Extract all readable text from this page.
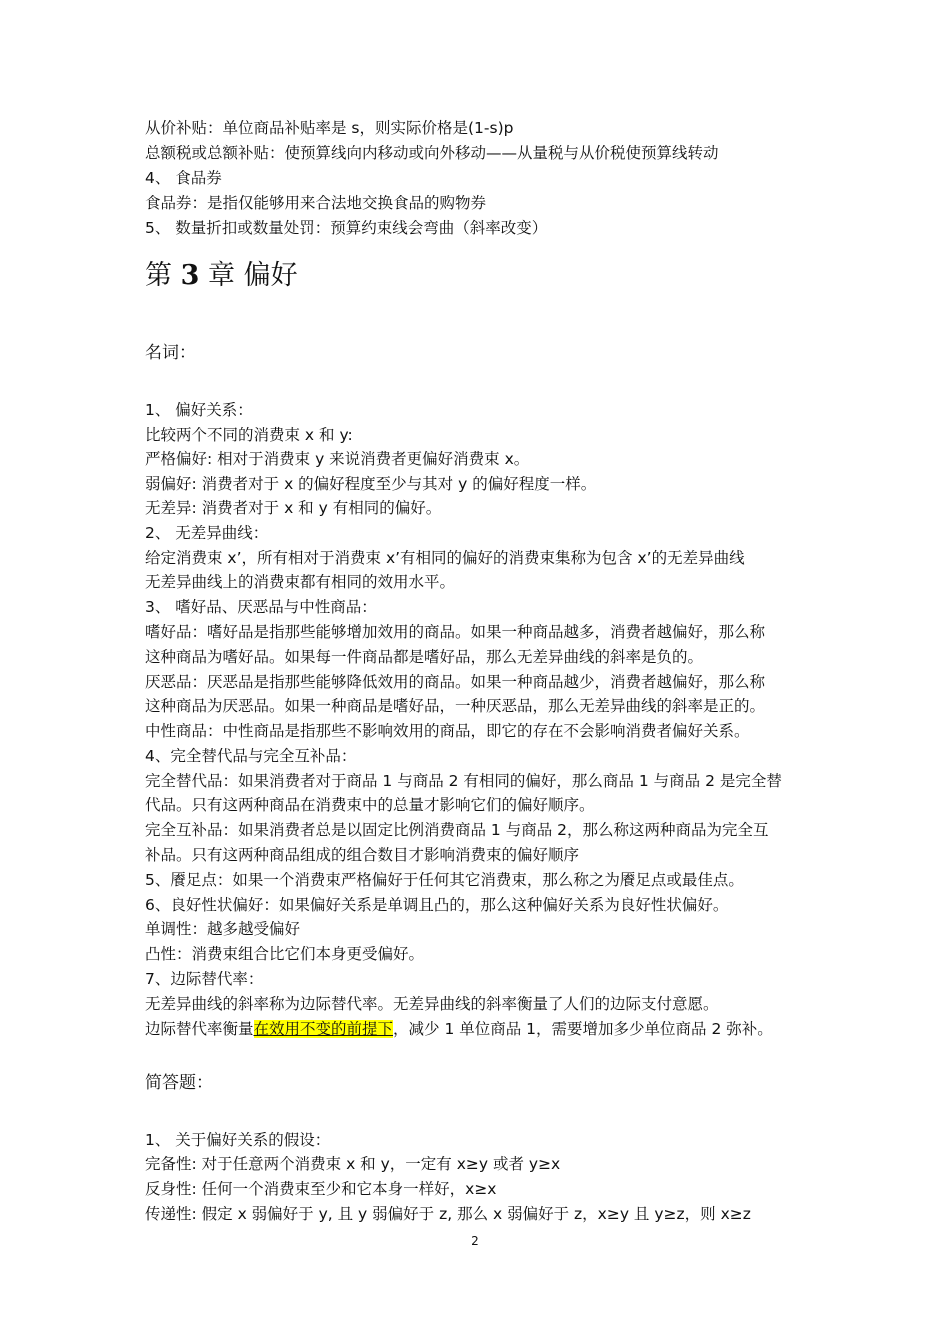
从价补贴：单位商品补贴率是 s，则实际价格是(1-s)p
总额税或总额补贴：使预算线向内移动或向外移动——从量税与从价税使预算线转动
4、 食品券
食品券：是指仅能够用来合法地交换食品的购物券
5、 数量折扣或数量处罚：预算约束线会弯曲（斜率改变）
第 3 章 偏好
名词：
1、 偏好关系：
比较两个不同的消费束 x 和 y:
严格偏好: 相对于消费束 y 来说消费者更偏好消费束 x。
弱偏好: 消费者对于 x 的偏好程度至少与其对 y 的偏好程度一样。
无差异: 消费者对于 x 和 y 有相同的偏好。
2、 无差异曲线：
给定消费束 x’，所有相对于消费束 x’有相同的偏好的消费束集称为包含 x’的无差异曲线
无差异曲线上的消费束都有相同的效用水平。
3、 嗜好品、厌恶品与中性商品：
嗜好品：嗜好品是指那些能够增加效用的商品。如果一种商品越多，消费者越偏好，那么称
这种商品为嗜好品。如果每一件商品都是嗜好品，那么无差异曲线的斜率是负的。
厌恶品：厌恶品是指那些能够降低效用的商品。如果一种商品越少，消费者越偏好，那么称
这种商品为厌恶品。如果一种商品是嗜好品，一种厌恶品，那么无差异曲线的斜率是正的。
中性商品：中性商品是指那些不影响效用的商品，即它的存在不会影响消费者偏好关系。
4、完全替代品与完全互补品：
完全替代品：如果消费者对于商品 1 与商品 2 有相同的偏好，那么商品 1 与商品 2 是完全替
代品。只有这两种商品在消费束中的总量才影响它们的偏好顺序。
完全互补品：如果消费者总是以固定比例消费商品 1 与商品 2，那么称这两种商品为完全互
补品。只有这两种商品组成的组合数目才影响消费束的偏好顺序
5、餍足点：如果一个消费束严格偏好于任何其它消费束，那么称之为餍足点或最佳点。
6、良好性状偏好：如果偏好关系是单调且凸的，那么这种偏好关系为良好性状偏好。
单调性：越多越受偏好
凸性：消费束组合比它们本身更受偏好。
7、边际替代率：
无差异曲线的斜率称为边际替代率。无差异曲线的斜率衡量了人们的边际支付意愿。
边际替代率衡量在效用不变的前提下，减少 1 单位商品 1，需要增加多少单位商品 2 弥补。
简答题：
1、 关于偏好关系的假设：
完备性: 对于任意两个消费束 x 和 y，一定有 x≥y 或者 y≥x
反身性: 任何一个消费束至少和它本身一样好，x≥x
传递性: 假定 x 弱偏好于 y, 且 y 弱偏好于 z, 那么 x 弱偏好于 z，x≥y 且 y≥z，则 x≥z
2
